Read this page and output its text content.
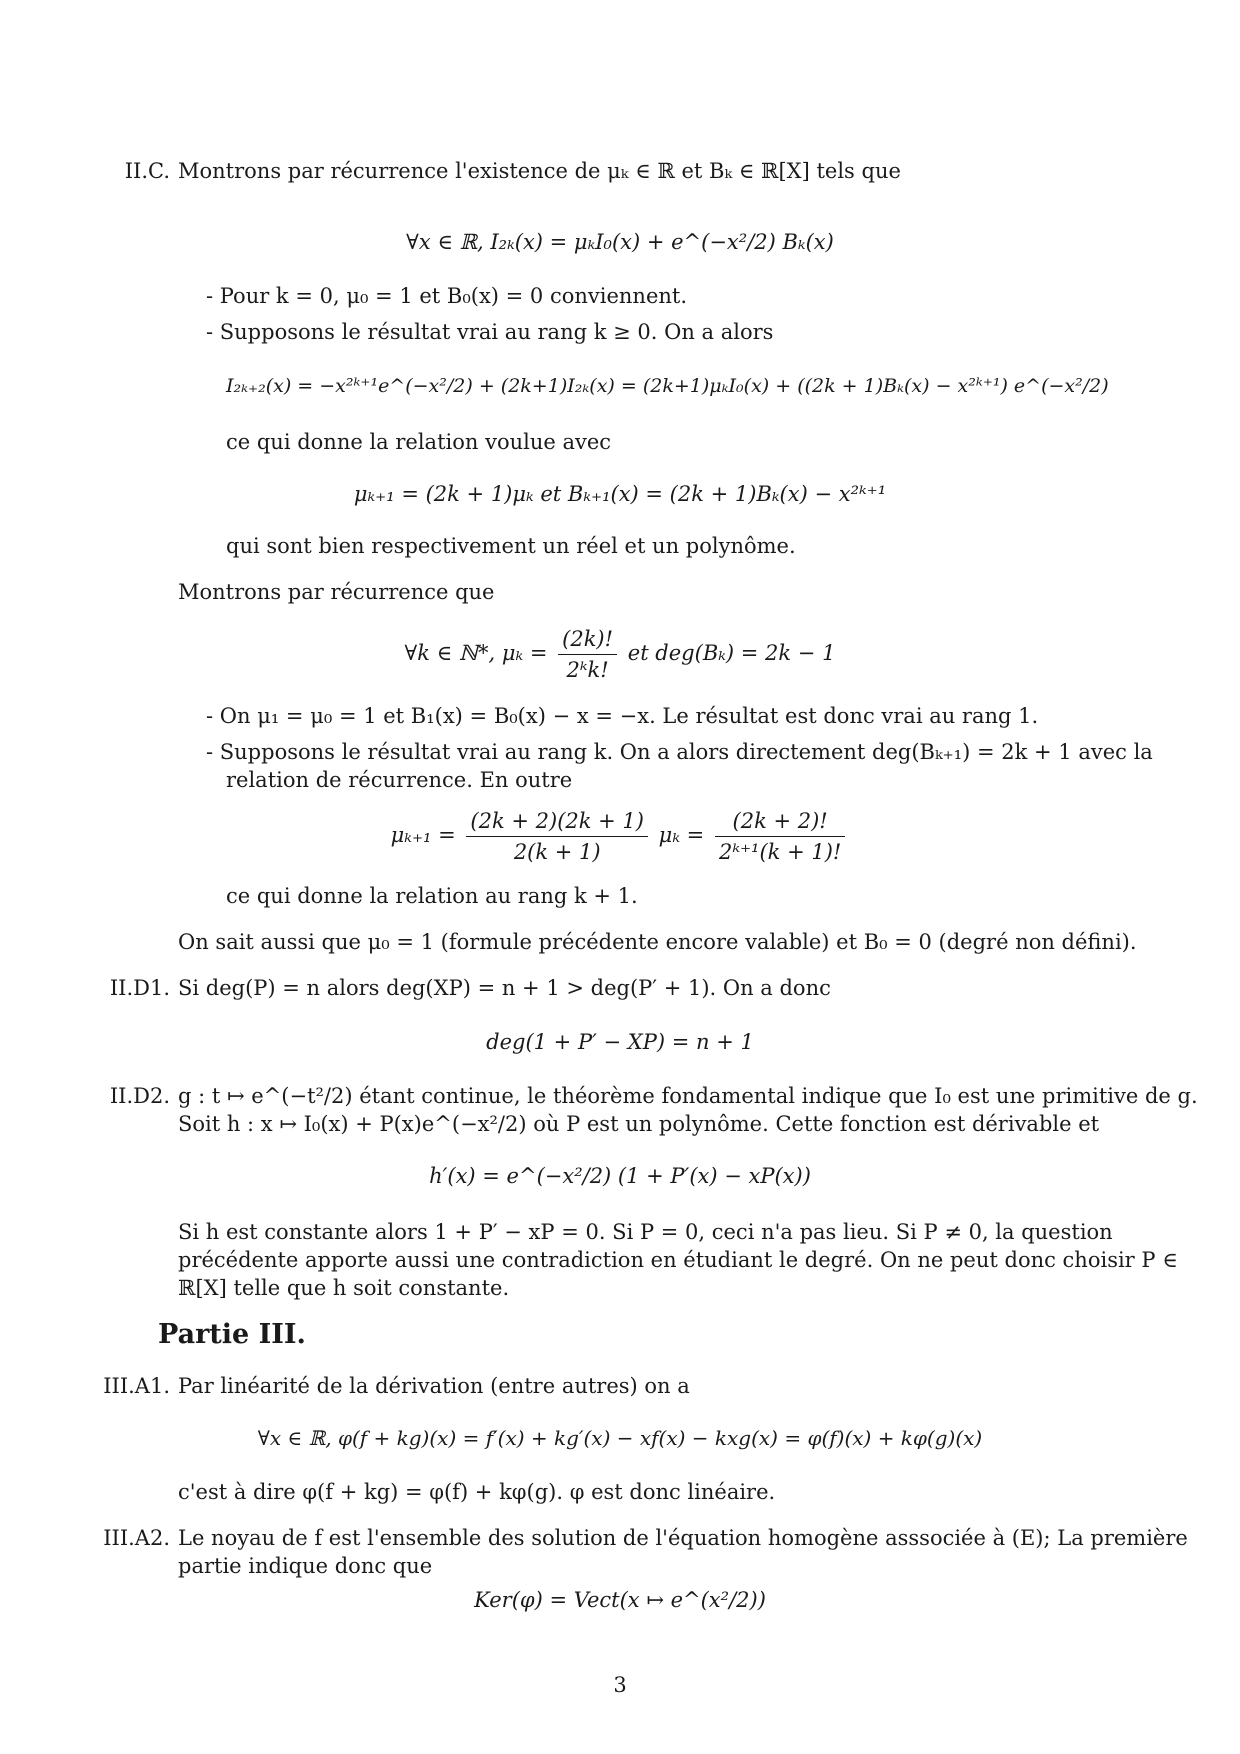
II.C. Montrons par récurrence l'existence de μₖ ∈ ℝ et Bₖ ∈ ℝ[X] tels que
∀x ∈ ℝ, I₂ₖ(x) = μₖI₀(x) + e^(−x²/2) Bₖ(x)
- Pour k = 0, μ₀ = 1 et B₀(x) = 0 conviennent.
- Supposons le résultat vrai au rang k ≥ 0. On a alors
I₂ₖ₊₂(x) = −x²ᵏ⁺¹e^(−x²/2) + (2k+1)I₂ₖ(x) = (2k+1)μₖI₀(x) + ((2k + 1)Bₖ(x) − x²ᵏ⁺¹) e^(−x²/2)
ce qui donne la relation voulue avec
μₖ₊₁ = (2k + 1)μₖ et Bₖ₊₁(x) = (2k + 1)Bₖ(x) − x²ᵏ⁺¹
qui sont bien respectivement un réel et un polynôme.
Montrons par récurrence que
∀k ∈ ℕ*, $\mu_k = \frac{(2k)!}{\text{2ᵏk!}}$ et deg(Bₖ) = 2k − 1
- On μ₁ = μ₀ = 1 et B₁(x) = B₀(x) − x = −x. Le résultat est donc vrai au rang 1.
- Supposons le résultat vrai au rang k. On a alors directement deg(Bₖ₊₁) = 2k + 1 avec la
relation de récurrence. En outre
$\mu_{k+1} = \frac{(2k + 2)(2k + 1)}{2(k + 1)}$ $\mu_k = \frac{(2k + 2)!}{\text{2ᵏ⁺¹(k + 1)!}}$
ce qui donne la relation au rang k + 1.
On sait aussi que μ₀ = 1 (formule précédente encore valable) et B₀ = 0 (degré non défini).
II.D1. Si deg(P) = n alors deg(XP) = n + 1 > deg(P′ + 1). On a donc
deg(1 + P′ − XP) = n + 1
II.D2. g : t ↦ e^(−t²/2) étant continue, le théorème fondamental indique que I₀ est une primitive de g.
Soit h : x ↦ I₀(x) + P(x)e^(−x²/2) où P est un polynôme. Cette fonction est dérivable et
h′(x) = e^(−x²/2) (1 + P′(x) − xP(x))
Si h est constante alors 1 + P′ − xP = 0. Si P = 0, ceci n'a pas lieu. Si P ≠ 0, la question
précédente apporte aussi une contradiction en étudiant le degré. On ne peut donc choisir P ∈
ℝ[X] telle que h soit constante.
Partie III.
III.A1. Par linéarité de la dérivation (entre autres) on a
∀x ∈ ℝ, φ(f + kg)(x) = f′(x) + kg′(x) − xf(x) − kxg(x) = φ(f)(x) + kφ(g)(x)
c'est à dire φ(f + kg) = φ(f) + kφ(g). φ est donc linéaire.
III.A2. Le noyau de f est l'ensemble des solution de l'équation homogène asssociée à (E); La première
partie indique donc que
Ker(φ) = Vect(x ↦ e^(x²/2))
3
